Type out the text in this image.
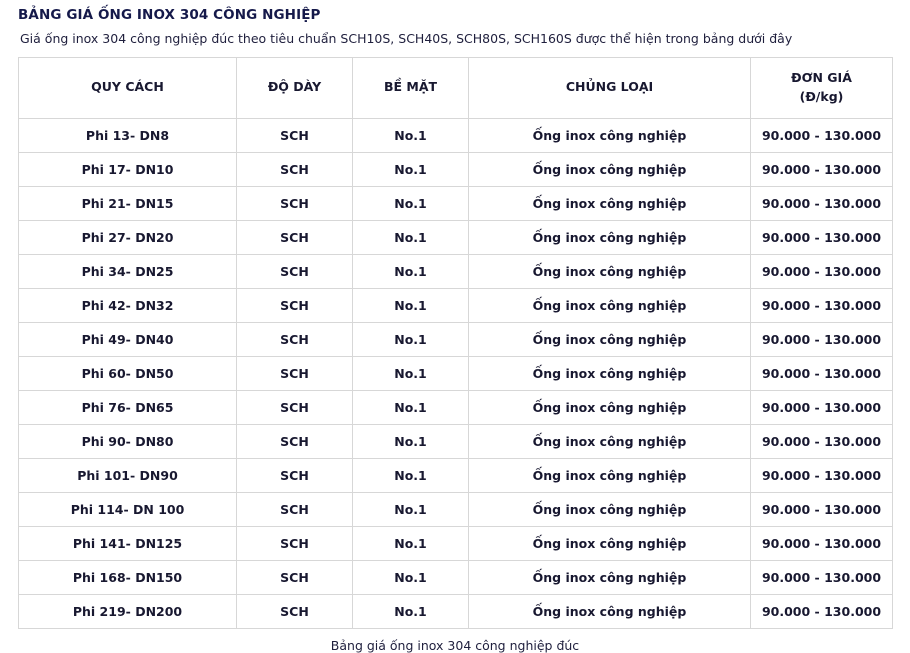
BẢNG GIÁ ỐNG INOX 304 CÔNG NGHIỆP

Giá ống inox 304 công nghiệp đúc theo tiêu chuẩn SCH10S, SCH40S, SCH80S, SCH160S được thể hiện trong bảng dưới đây

QUY CÁCH	ĐỘ DÀY	BỀ MẶT	CHỦNG LOẠI	ĐƠN GIÁ
(Đ/kg)

Phi 13- DN8	SCH	No.1	Ống inox công nghiệp	90.000 - 130.000
Phi 17- DN10	SCH	No.1	Ống inox công nghiệp	90.000 - 130.000
Phi 21- DN15	SCH	No.1	Ống inox công nghiệp	90.000 - 130.000
Phi 27- DN20	SCH	No.1	Ống inox công nghiệp	90.000 - 130.000
Phi 34- DN25	SCH	No.1	Ống inox công nghiệp	90.000 - 130.000
Phi 42- DN32	SCH	No.1	Ống inox công nghiệp	90.000 - 130.000
Phi 49- DN40	SCH	No.1	Ống inox công nghiệp	90.000 - 130.000
Phi 60- DN50	SCH	No.1	Ống inox công nghiệp	90.000 - 130.000
Phi 76- DN65	SCH	No.1	Ống inox công nghiệp	90.000 - 130.000
Phi 90- DN80	SCH	No.1	Ống inox công nghiệp	90.000 - 130.000
Phi 101- DN90	SCH	No.1	Ống inox công nghiệp	90.000 - 130.000
Phi 114- DN 100	SCH	No.1	Ống inox công nghiệp	90.000 - 130.000
Phi 141- DN125	SCH	No.1	Ống inox công nghiệp	90.000 - 130.000
Phi 168- DN150	SCH	No.1	Ống inox công nghiệp	90.000 - 130.000
Phi 219- DN200	SCH	No.1	Ống inox công nghiệp	90.000 - 130.000
Bảng giá ống inox 304 công nghiệp đúc
